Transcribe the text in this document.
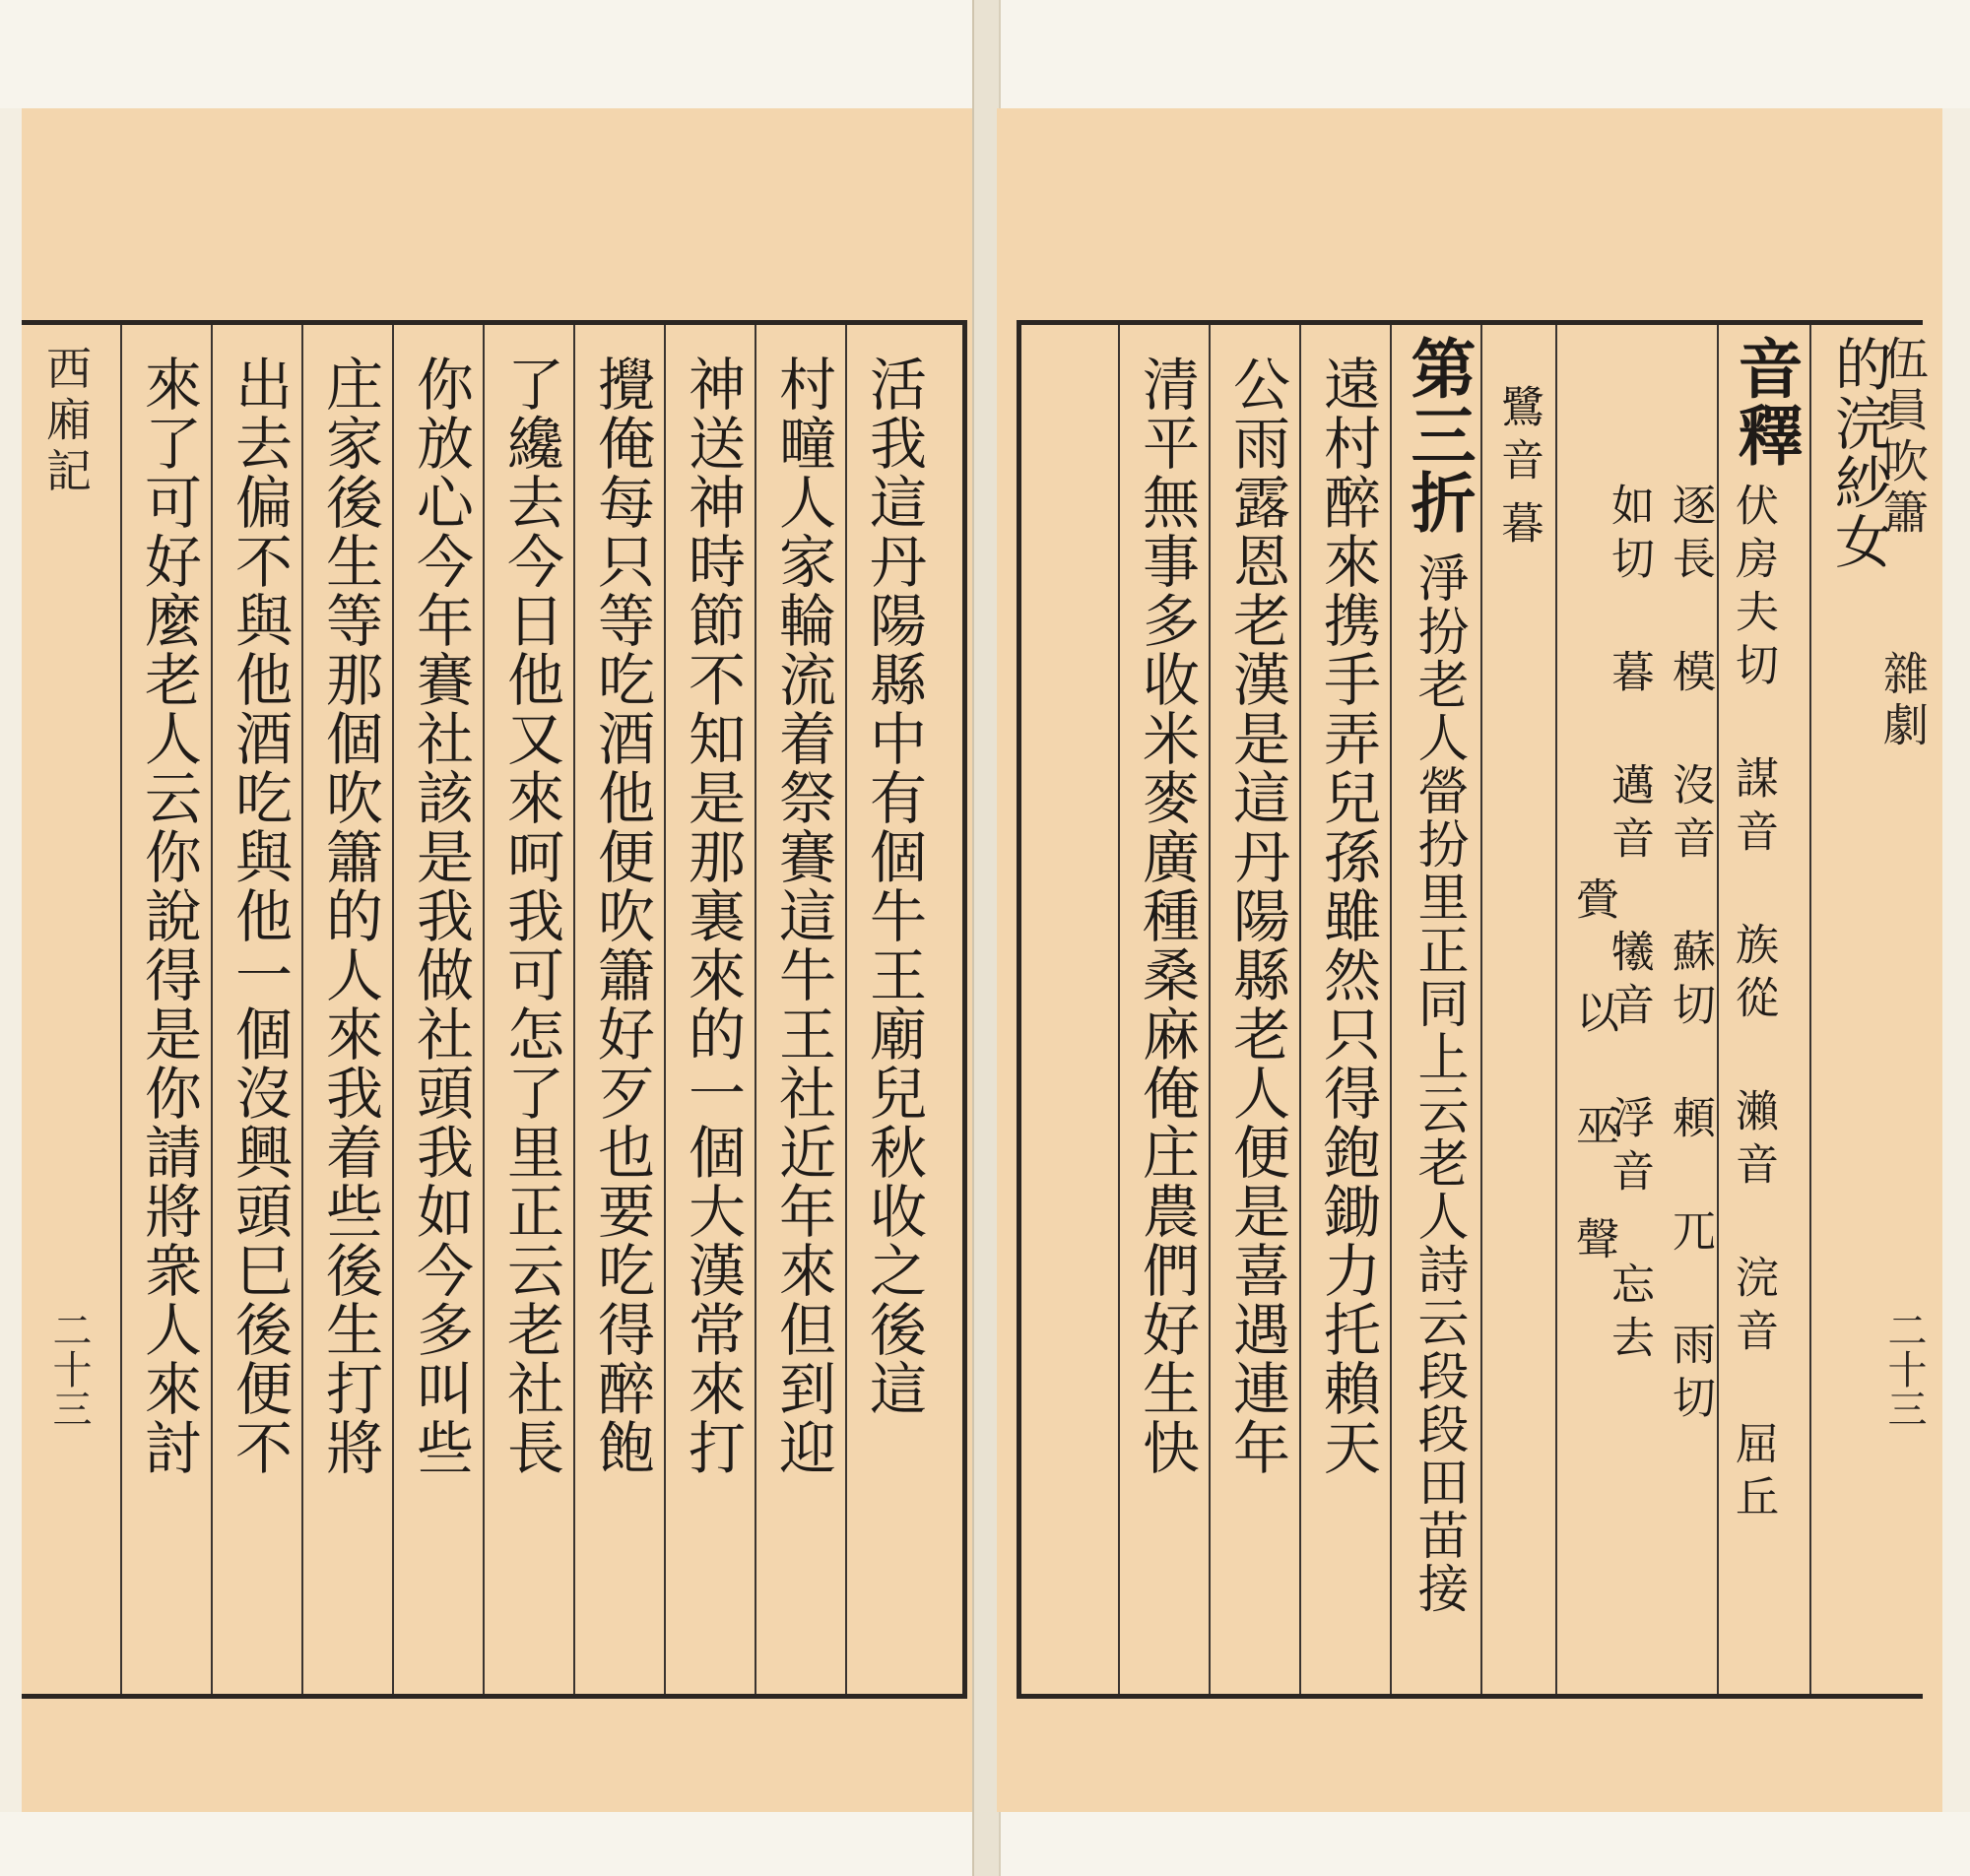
西廂記
二十三	活我這丹陽縣中有個牛王廟兒秋收之後這
村疃人家輪流着祭賽這牛王社近年來但到迎
神送神時節不知是那裏來的一個大漢常來打
攪俺每只等吃酒他便吹簫好歹也要吃得醉飽
了纔去今日他又來呵我可怎了里正云老社長
你放心今年賽社該是我做社頭我如今多叫些
庄家後生等那個吹簫的人來我着些後生打將
出去偏不與他酒吃與他一個沒興頭巳後便不
來了可好麼老人云你說得是你請將衆人來討	伍員吹簫
雜劇
二十三
的浣紗女
音釋
伏房夫切 謀音 族從 瀨音 浣音 屈丘
逐長 模 沒音 蘇切 頼 兀 雨切
如切 暮 邁音 犧音 浮音 忘去
賫 以 巫 聲
鷺音
暮
第三折
淨扮老人㽦扮里正同上云老人詩云段段田苗接
遠村醉來携手弄兒孫雖然只得鉋鋤力托賴天
公雨露恩老漢是這丹陽縣老人便是喜遇連年
清平無事多收米麥廣種桑麻俺庄農們好生快
